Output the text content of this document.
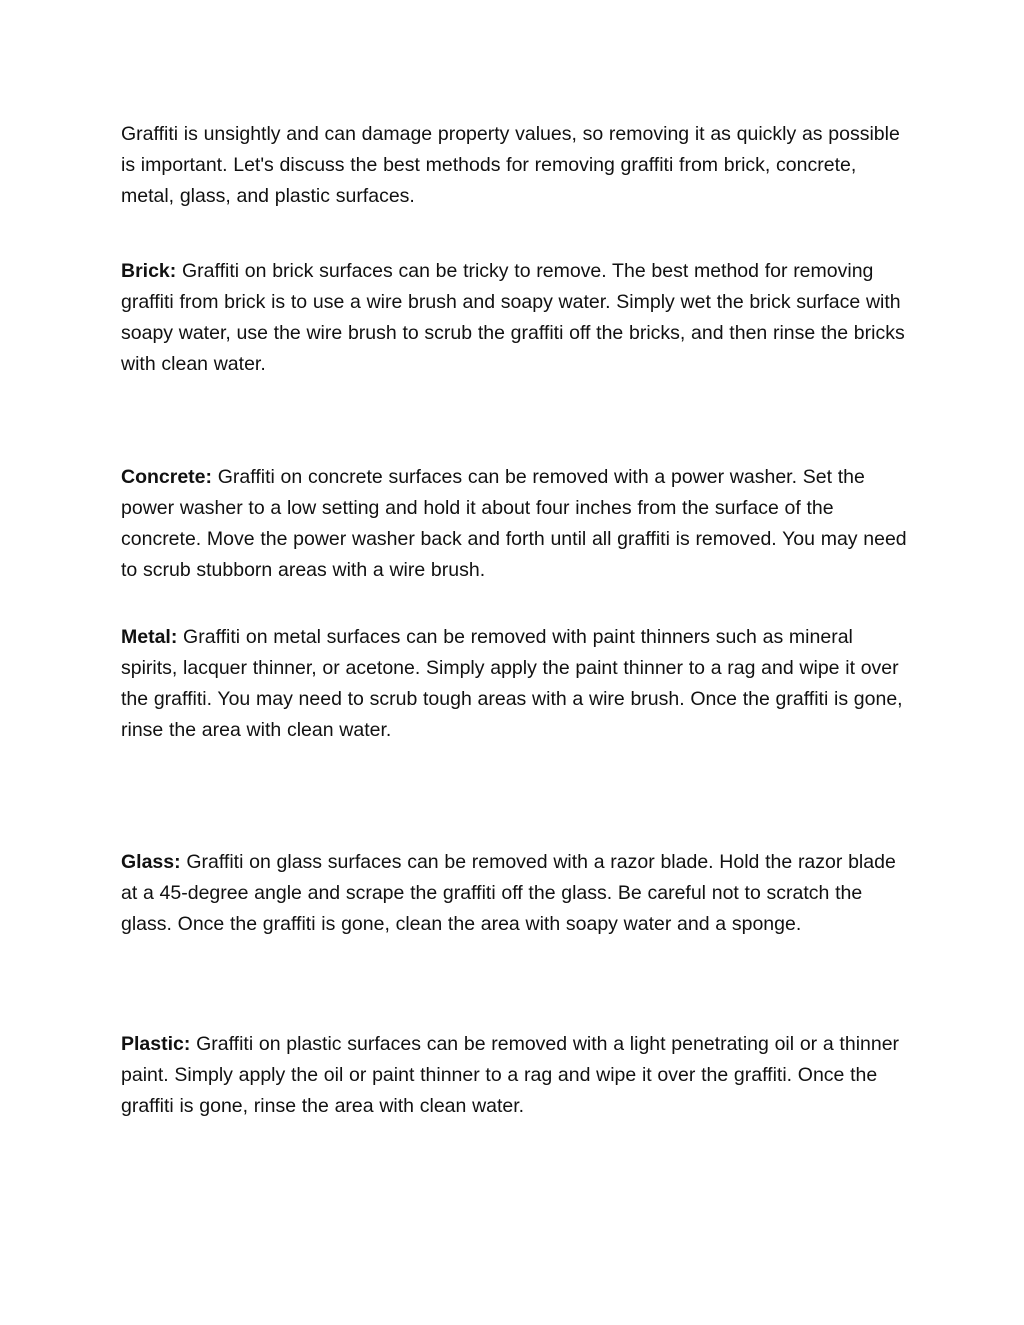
Graffiti is unsightly and can damage property values, so removing it as quickly as possible is important. Let's discuss the best methods for removing graffiti from brick, concrete, metal, glass, and plastic surfaces.

Brick: Graffiti on brick surfaces can be tricky to remove. The best method for removing graffiti from brick is to use a wire brush and soapy water. Simply wet the brick surface with soapy water, use the wire brush to scrub the graffiti off the bricks, and then rinse the bricks with clean water.

Concrete: Graffiti on concrete surfaces can be removed with a power washer. Set the power washer to a low setting and hold it about four inches from the surface of the concrete. Move the power washer back and forth until all graffiti is removed. You may need to scrub stubborn areas with a wire brush.

Metal: Graffiti on metal surfaces can be removed with paint thinners such as mineral spirits, lacquer thinner, or acetone. Simply apply the paint thinner to a rag and wipe it over the graffiti. You may need to scrub tough areas with a wire brush. Once the graffiti is gone, rinse the area with clean water.

Glass: Graffiti on glass surfaces can be removed with a razor blade. Hold the razor blade at a 45-degree angle and scrape the graffiti off the glass. Be careful not to scratch the glass. Once the graffiti is gone, clean the area with soapy water and a sponge.

Plastic: Graffiti on plastic surfaces can be removed with a light penetrating oil or a thinner paint. Simply apply the oil or paint thinner to a rag and wipe it over the graffiti. Once the graffiti is gone, rinse the area with clean water.
